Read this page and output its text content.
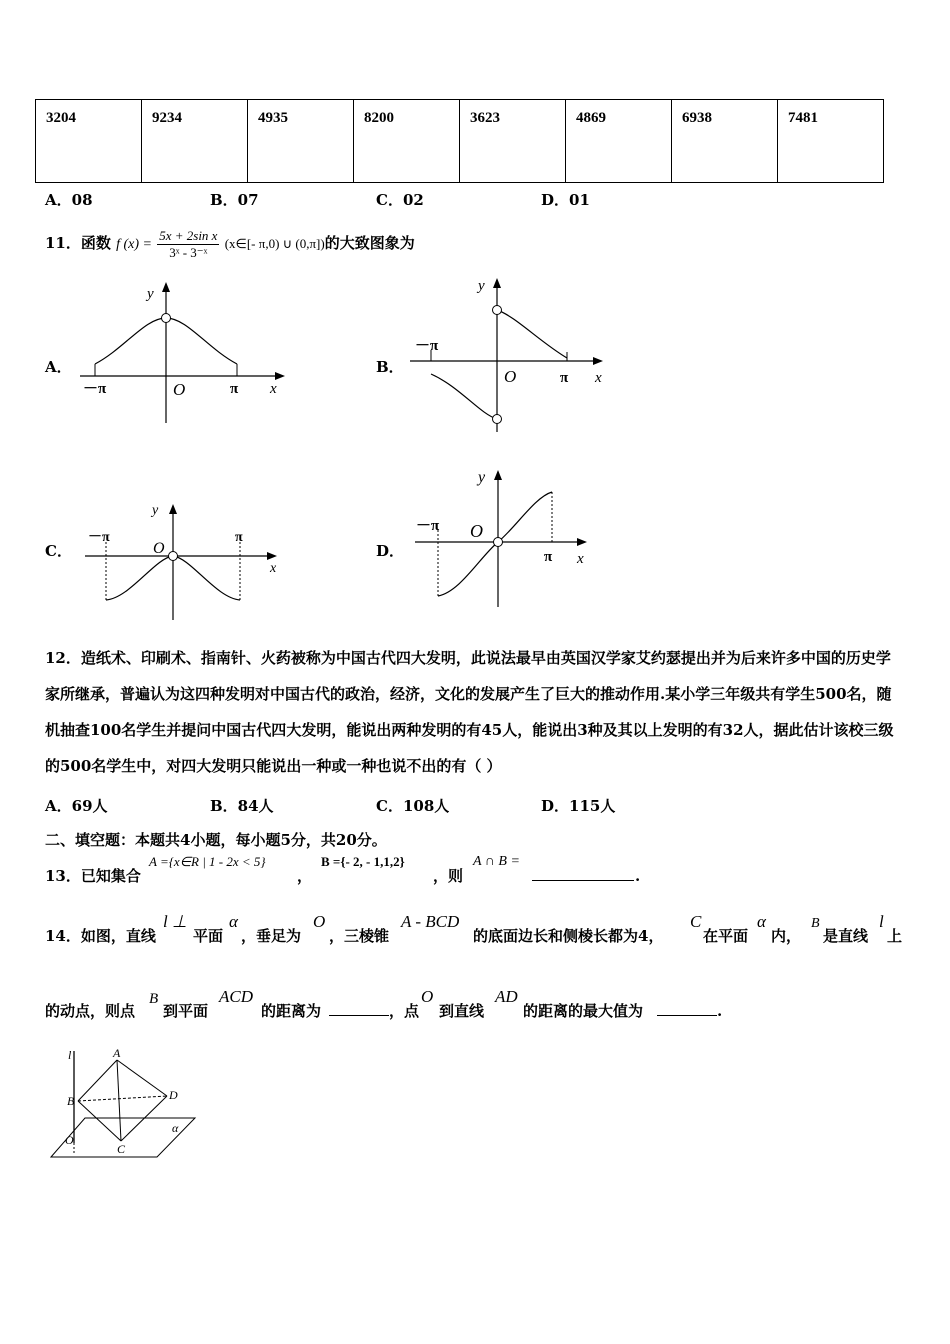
3204	9234	4935	8200	3623	4869	6938	7481
A．08	B．07	C．02	D．01
11．函数 f $(x) = \frac{\text{5x + 2sin x}}{\text{3ˣ - 3⁻ˣ}}$ (x∈[- π,0) ∪ (0,π])的大致图象为
A．	B．
C．	D．
y
x
O
－π	π
y
x
O
－π
π
y
x
O
－π	π
y
x
O
－π
π
12．造纸术、印刷术、指南针、火药被称为中国古代四大发明，此说法最早由英国汉学家艾约瑟提出并为后来许多中国的历史学家所继承，普遍认为这四种发明对中国古代的政治，经济，文化的发展产生了巨大的推动作用.某小学三年级共有学生500名，随机抽查100名学生并提问中国古代四大发明，能说出两种发明的有45人，能说出3种及其以上发明的有32人，据此估计该校三级的500名学生中，对四大发明只能说出一种或一种也说不出的有（ ）
A．69人	B．84人	C．108人	D．115人
二、填空题：本题共4小题，每小题5分，共20分。
13．已知集合
A ={x∈R | 1 - 2x < 5}
，
B ={- 2, - 1,1,2}
，则
A ∩ B =
.
14．如图，直线
l ⊥
平面
α
，垂足为
O
，三棱锥
A - BCD
的底面边长和侧棱长都为4，
C
在平面
α
内，
B
是直线
l
上
的动点，则点
B
到平面
ACD
的距离为	，点
O
到直线
AD
的距离的最大值为	.
l	A
B	D
C
O
α
